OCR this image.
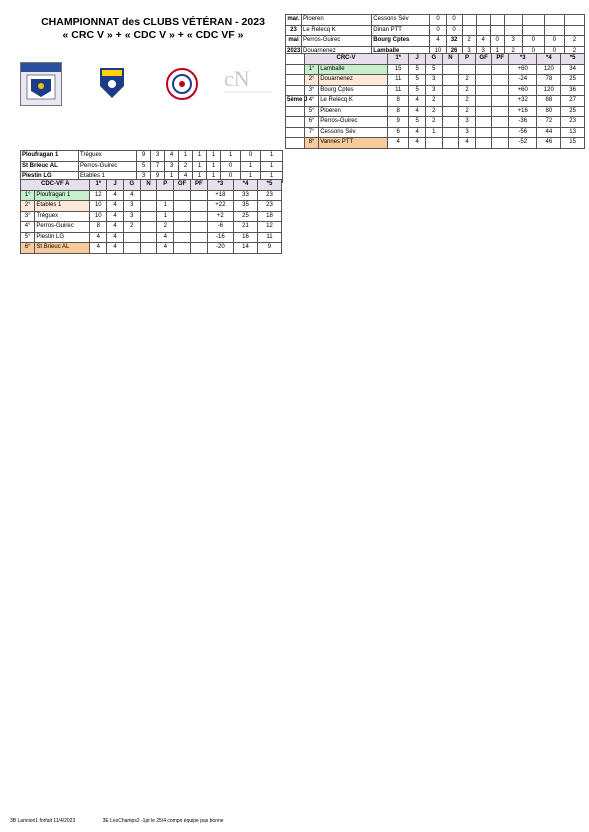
CHAMPIONNAT des CLUBS VÉTÉRAN - 2023
« CRC V » + « CDC V » + « CDC VF »
cN
mar.	Ploeren	Cessons Sév	0	0							
23	Le Relecq K	Dinan PTT	0	0							
mai	Perros-Guirec	Bourg Cptes	4	32	2	4	0	3	0	0	2
2023	Douarnenez	Lamballe	10	26	3	3	1	2	0	0	2
	CRC-V		1*	J	G	N	P	GF	PF	*3	*4	*5
	1°	Lamballe	15	5	5					+60	120	34
	2°	Douarnenez	11	5	3		2			-24	78	25
	3°	Bourg Cptes	11	5	3		2			+60	120	36
5ème J	4°	Le Relecq K	8	4	2		2			+32	88	27
	5°	Ploeren	8	4	2		2			+16	80	25
	6°	Perros-Guirec	9	5	2		3			-36	72	23
	7°	Cessons Sév.	6	4	1		3			-56	44	13
	8°	Vannes PTT	4	4			4			-52	46	15
Ploufragan 1	Tréguex	9	3	4	1	1	1	1	0	1
St Brieuc AL	Perros-Guirec	5	7	3	2	1	1	0	1	1
Plestin LG	Etables 1	3	9	1	4	1	1	0	1	1
CDC-VF A		1*	J	G	N	P	GF	PF	*3	*4	*5
1°	Ploufragan 1	12	4	4					+18	33	23
2°	Etables 1	10	4	3		1			+22	35	23
3°	Tréguex	10	4	3		1			+2	25	18
4°	Perros-Guirec	8	4	2		2			-6	21	12
5°	Plestin LG	4	4			4			-16	16	11
6°	St Brieuc AL	4	4			4			-20	14	9
3B Lannion1 forfait 11/4/2023	3E LesChamps2 -1pt le 25/4 compo équipe pas bonne
